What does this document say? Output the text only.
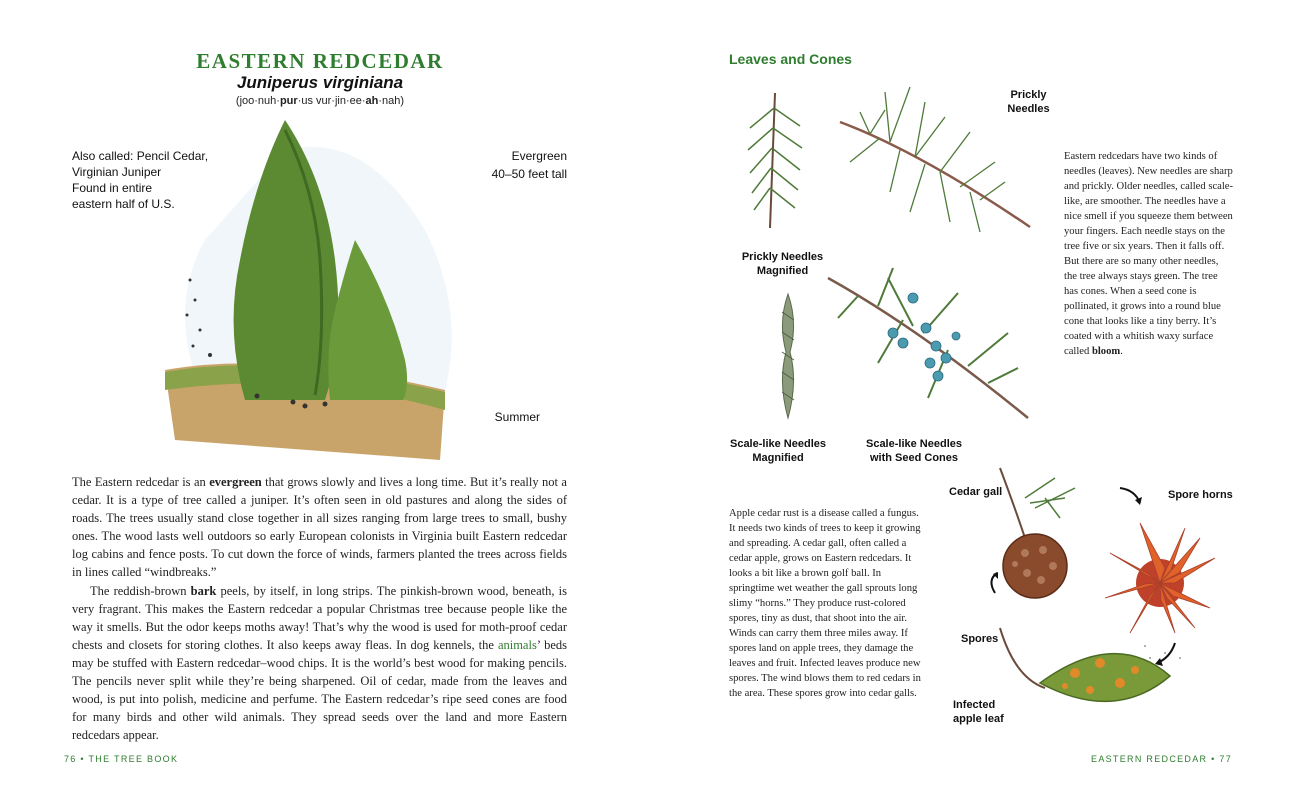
EASTERN REDCEDAR
Juniperus virginiana
(joo·nuh·pur·us vur·jin·ee·ah·nah)
Also called: Pencil Cedar,
Virginian Juniper
Found in entire
eastern half of U.S.
Evergreen
40–50 feet tall
Summer

The Eastern redcedar is an evergreen that grows slowly and lives a long time. But it’s really not a cedar. It is a type of tree called a juniper. It’s often seen in old pastures and along the sides of roads. The trees usually stand close together in all sizes ranging from large trees to small, bushy ones. The wood lasts well outdoors so early European colonists in Virginia built Eastern redcedar log cabins and fence posts. To cut down the force of winds, farmers planted the trees across fields in lines called “windbreaks.”

The reddish-brown bark peels, by itself, in long strips. The pinkish-brown wood, beneath, is very fragrant. This makes the Eastern redcedar a popular Christmas tree because people like the way it smells. But the odor keeps moths away! That’s why the wood is used for moth-proof cedar chests and closets for storing clothes. It also keeps away fleas. In dog kennels, the animals’ beds may be stuffed with Eastern redcedar–wood chips. It is the world’s best wood for making pencils. The pencils never split while they’re being sharpened. Oil of cedar, made from the leaves and wood, is put into polish, medicine and perfume. The Eastern redcedar’s ripe seed cones are food for many birds and other wild animals. They spread seeds over the land and more Eastern redcedars appear.

76 • THE TREE BOOK
Leaves and Cones
Prickly
Needles
Eastern redcedars have two kinds of needles (leaves). New needles are sharp and prickly. Older needles, called scale-like, are smoother. The needles have a nice smell if you squeeze them between your fingers. Each needle stays on the tree five or six years. Then it falls off. But there are so many other needles, the tree always stays green. The tree has cones. When a seed cone is pollinated, it grows into a round blue cone that looks like a tiny berry. It’s coated with a whitish waxy surface called bloom.
Prickly Needles
Magnified
Scale-like Needles
Magnified
Scale-like Needles
with Seed Cones
Apple cedar rust is a disease called a fungus. It needs two kinds of trees to keep it growing and spreading. A cedar gall, often called a cedar apple, grows on Eastern redcedars. It looks a bit like a brown golf ball. In springtime wet weather the gall sprouts long slimy “horns.” They produce rust-colored spores, tiny as dust, that shoot into the air. Winds can carry them three miles away. If spores land on apple trees, they damage the leaves and fruit. Infected leaves produce new spores. The wind blows them to red cedars in the area. These spores grow into cedar galls.
Cedar gall	Spore horns
Spores
Infected
apple leaf
EASTERN REDCEDAR • 77
